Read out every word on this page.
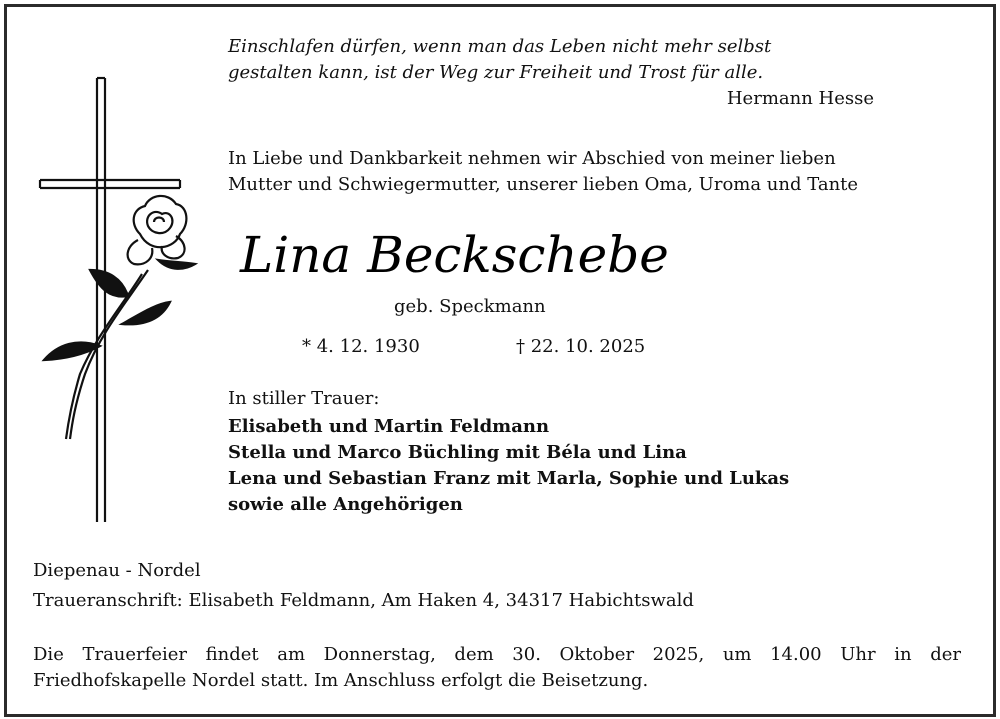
Einschlafen dürfen, wenn man das Leben nicht mehr selbst
gestalten kann, ist der Weg zur Freiheit und Trost für alle.
Hermann Hesse
In Liebe und Dankbarkeit nehmen wir Abschied von meiner lieben
Mutter und Schwiegermutter, unserer lieben Oma, Uroma und Tante
Lina Beckschebe
geb. Speckmann
* 4. 12. 1930	† 22. 10. 2025
In stiller Trauer:
Elisabeth und Martin Feldmann
Stella und Marco Büchling mit Béla und Lina
Lena und Sebastian Franz mit Marla, Sophie und Lukas
sowie alle Angehörigen
Diepenau - Nordel
Traueranschrift: Elisabeth Feldmann, Am Haken 4, 34317 Habichtswald
Die Trauerfeier findet am Donnerstag, dem 30. Oktober 2025, um 14.00 Uhr in der
Friedhofskapelle Nordel statt. Im Anschluss erfolgt die Beisetzung.
